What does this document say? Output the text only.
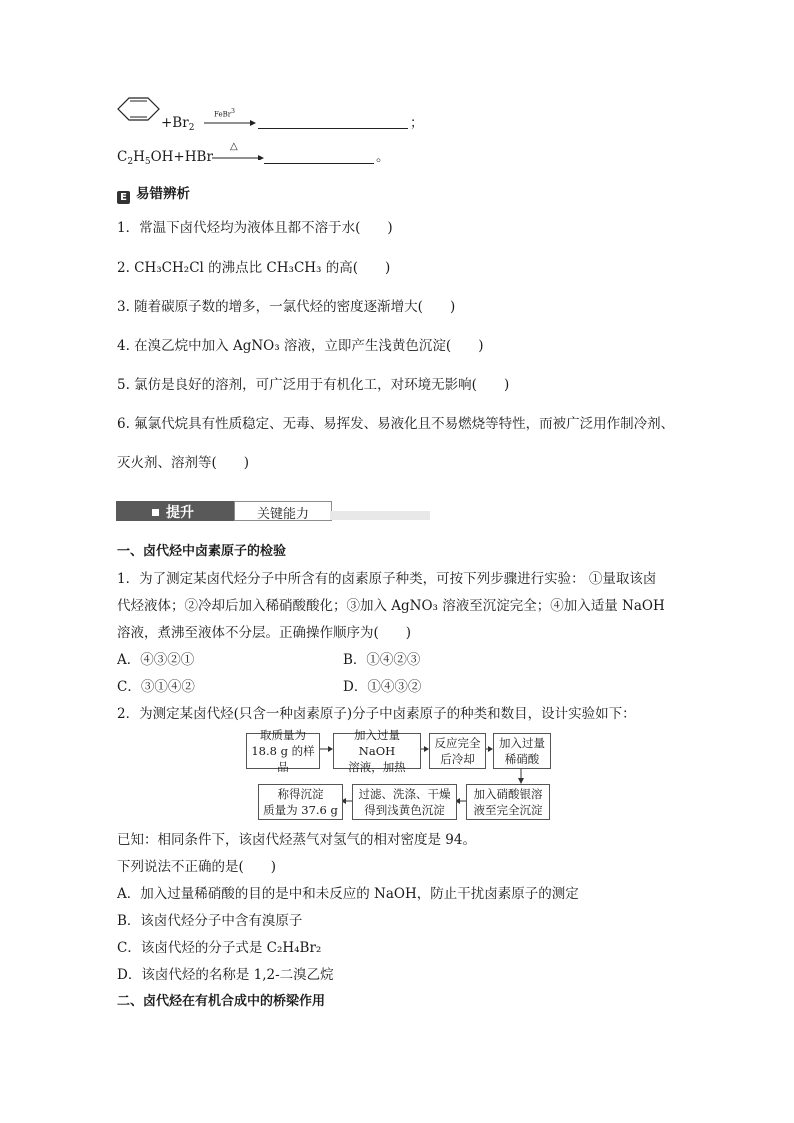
$+Br_2$
FeBr$^3$
；
$C_2H_5OH+HBr$
△
。
E 易错辨析
1．常温下卤代烃均为液体且都不溶于水(　　)
2. CH₃CH₂Cl 的沸点比 CH₃CH₃ 的高(　　)
3. 随着碳原子数的增多，一氯代烃的密度逐渐增大(　　)
4. 在溴乙烷中加入 AgNO₃ 溶液，立即产生浅黄色沉淀(　　)
5. 氯仿是良好的溶剂，可广泛用于有机化工，对环境无影响(　　)
6. 氟氯代烷具有性质稳定、无毒、易挥发、易液化且不易燃烧等特性，而被广泛用作制冷剂、
灭火剂、溶剂等(　　)
提升	关键能力
一、卤代烃中卤素原子的检验
1．为了测定某卤代烃分子中所含有的卤素原子种类，可按下列步骤进行实验： ①量取该卤
代烃液体；②冷却后加入稀硝酸酸化；③加入 AgNO₃ 溶液至沉淀完全；④加入适量 NaOH
溶液，煮沸至液体不分层。正确操作顺序为(　　)
A．④③②①	B．①④②③
C．③①④②	D．①④③②
2．为测定某卤代烃(只含一种卤素原子)分子中卤素原子的种类和数目，设计实验如下：
取质量为
18.8 g 的样品
加入过量 NaOH
溶液，加热
反应完全
后冷却
加入过量
稀硝酸
加入硝酸银溶
液至完全沉淀
过滤、洗涤、干燥
得到浅黄色沉淀
称得沉淀
质量为 37.6 g
已知：相同条件下，该卤代烃蒸气对氢气的相对密度是 94。
下列说法不正确的是(　　)
A．加入过量稀硝酸的目的是中和未反应的 NaOH，防止干扰卤素原子的测定
B．该卤代烃分子中含有溴原子
C．该卤代烃的分子式是 C₂H₄Br₂
D．该卤代烃的名称是 1,2-二溴乙烷
二、卤代烃在有机合成中的桥梁作用
